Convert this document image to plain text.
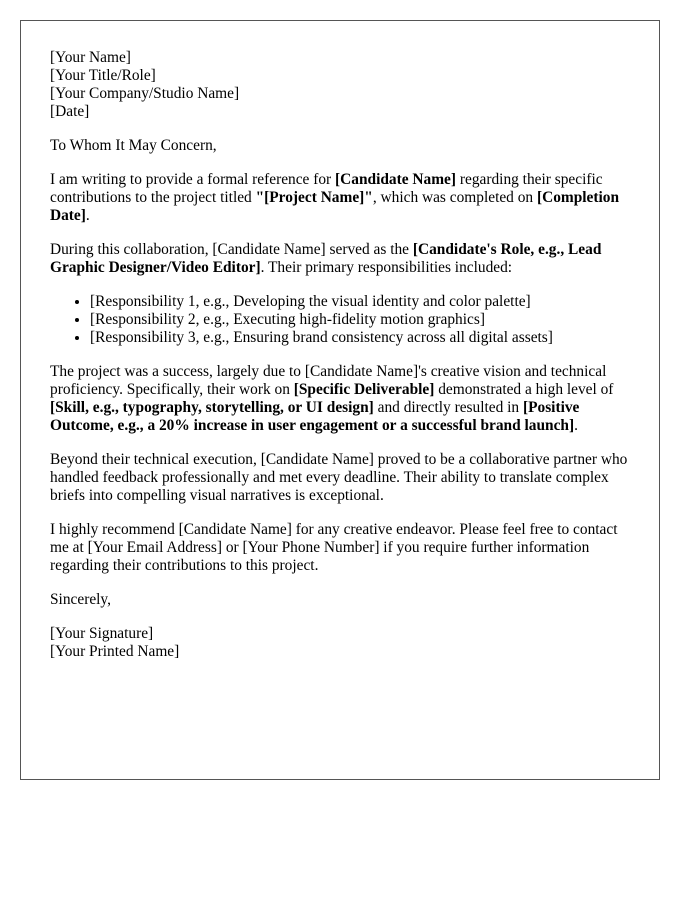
[Your Name]
[Your Title/Role]
[Your Company/Studio Name]
[Date]

To Whom It May Concern,

I am writing to provide a formal reference for [Candidate Name] regarding their specific contributions to the project titled "[Project Name]", which was completed on [Completion Date].

During this collaboration, [Candidate Name] served as the [Candidate's Role, e.g., Lead Graphic Designer/Video Editor]. Their primary responsibilities included:

• [Responsibility 1, e.g., Developing the visual identity and color palette]
• [Responsibility 2, e.g., Executing high-fidelity motion graphics]
• [Responsibility 3, e.g., Ensuring brand consistency across all digital assets]

The project was a success, largely due to [Candidate Name]'s creative vision and technical proficiency. Specifically, their work on [Specific Deliverable] demonstrated a high level of [Skill, e.g., typography, storytelling, or UI design] and directly resulted in [Positive Outcome, e.g., a 20% increase in user engagement or a successful brand launch].

Beyond their technical execution, [Candidate Name] proved to be a collaborative partner who handled feedback professionally and met every deadline. Their ability to translate complex briefs into compelling visual narratives is exceptional.

I highly recommend [Candidate Name] for any creative endeavor. Please feel free to contact me at [Your Email Address] or [Your Phone Number] if you require further information regarding their contributions to this project.

Sincerely,

[Your Signature]
[Your Printed Name]
